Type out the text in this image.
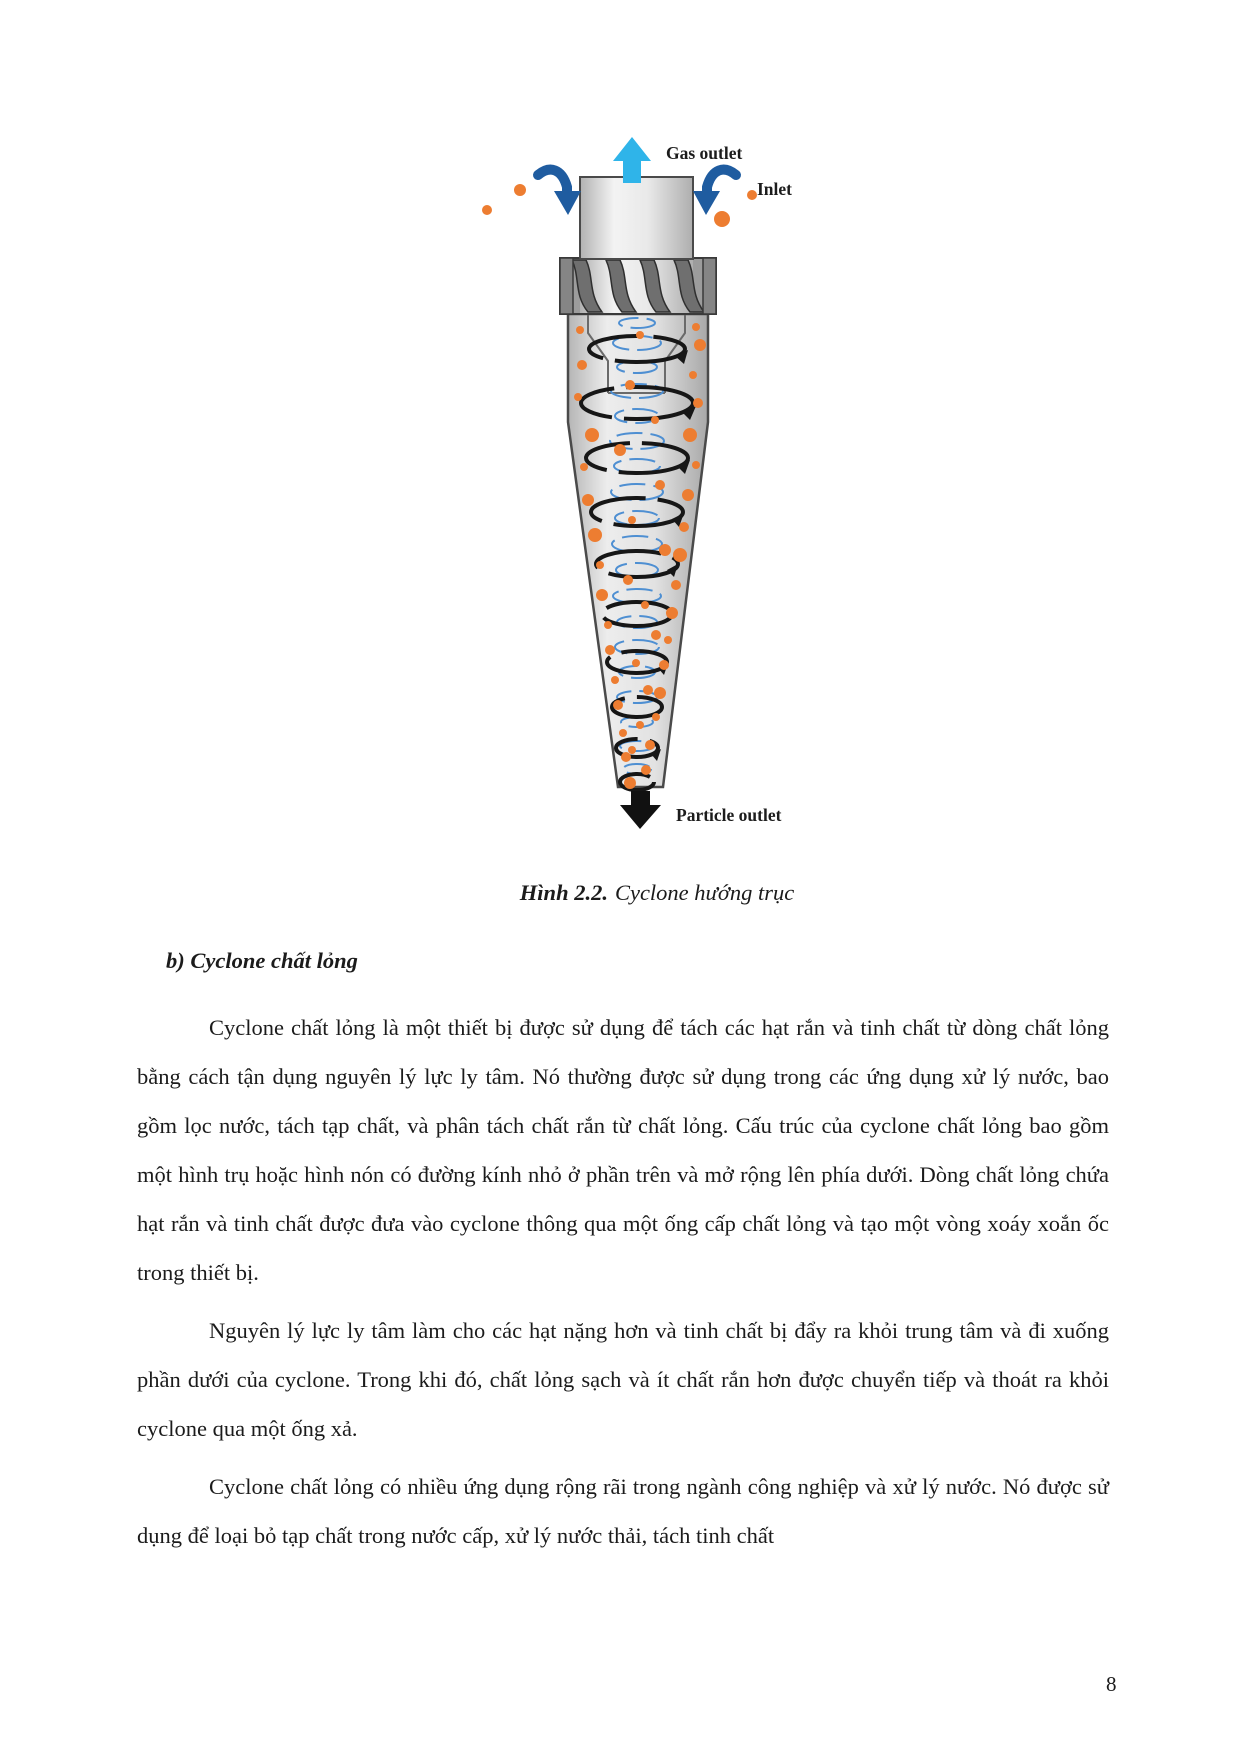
Gas outlet
Inlet
Particle outlet
Hình 2.2. Cyclone hướng trục
b) Cyclone chất lỏng

Cyclone chất lỏng là một thiết bị được sử dụng để tách các hạt rắn và tinh chất từ dòng chất lỏng bằng cách tận dụng nguyên lý lực ly tâm. Nó thường được sử dụng trong các ứng dụng xử lý nước, bao gồm lọc nước, tách tạp chất, và phân tách chất rắn từ chất lỏng. Cấu trúc của cyclone chất lỏng bao gồm một hình trụ hoặc hình nón có đường kính nhỏ ở phần trên và mở rộng lên phía dưới. Dòng chất lỏng chứa hạt rắn và tinh chất được đưa vào cyclone thông qua một ống cấp chất lỏng và tạo một vòng xoáy xoắn ốc trong thiết bị.

Nguyên lý lực ly tâm làm cho các hạt nặng hơn và tinh chất bị đẩy ra khỏi trung tâm và đi xuống phần dưới của cyclone. Trong khi đó, chất lỏng sạch và ít chất rắn hơn được chuyển tiếp và thoát ra khỏi cyclone qua một ống xả.

Cyclone chất lỏng có nhiều ứng dụng rộng rãi trong ngành công nghiệp và xử lý nước. Nó được sử dụng để loại bỏ tạp chất trong nước cấp, xử lý nước thải, tách tinh chất

8
